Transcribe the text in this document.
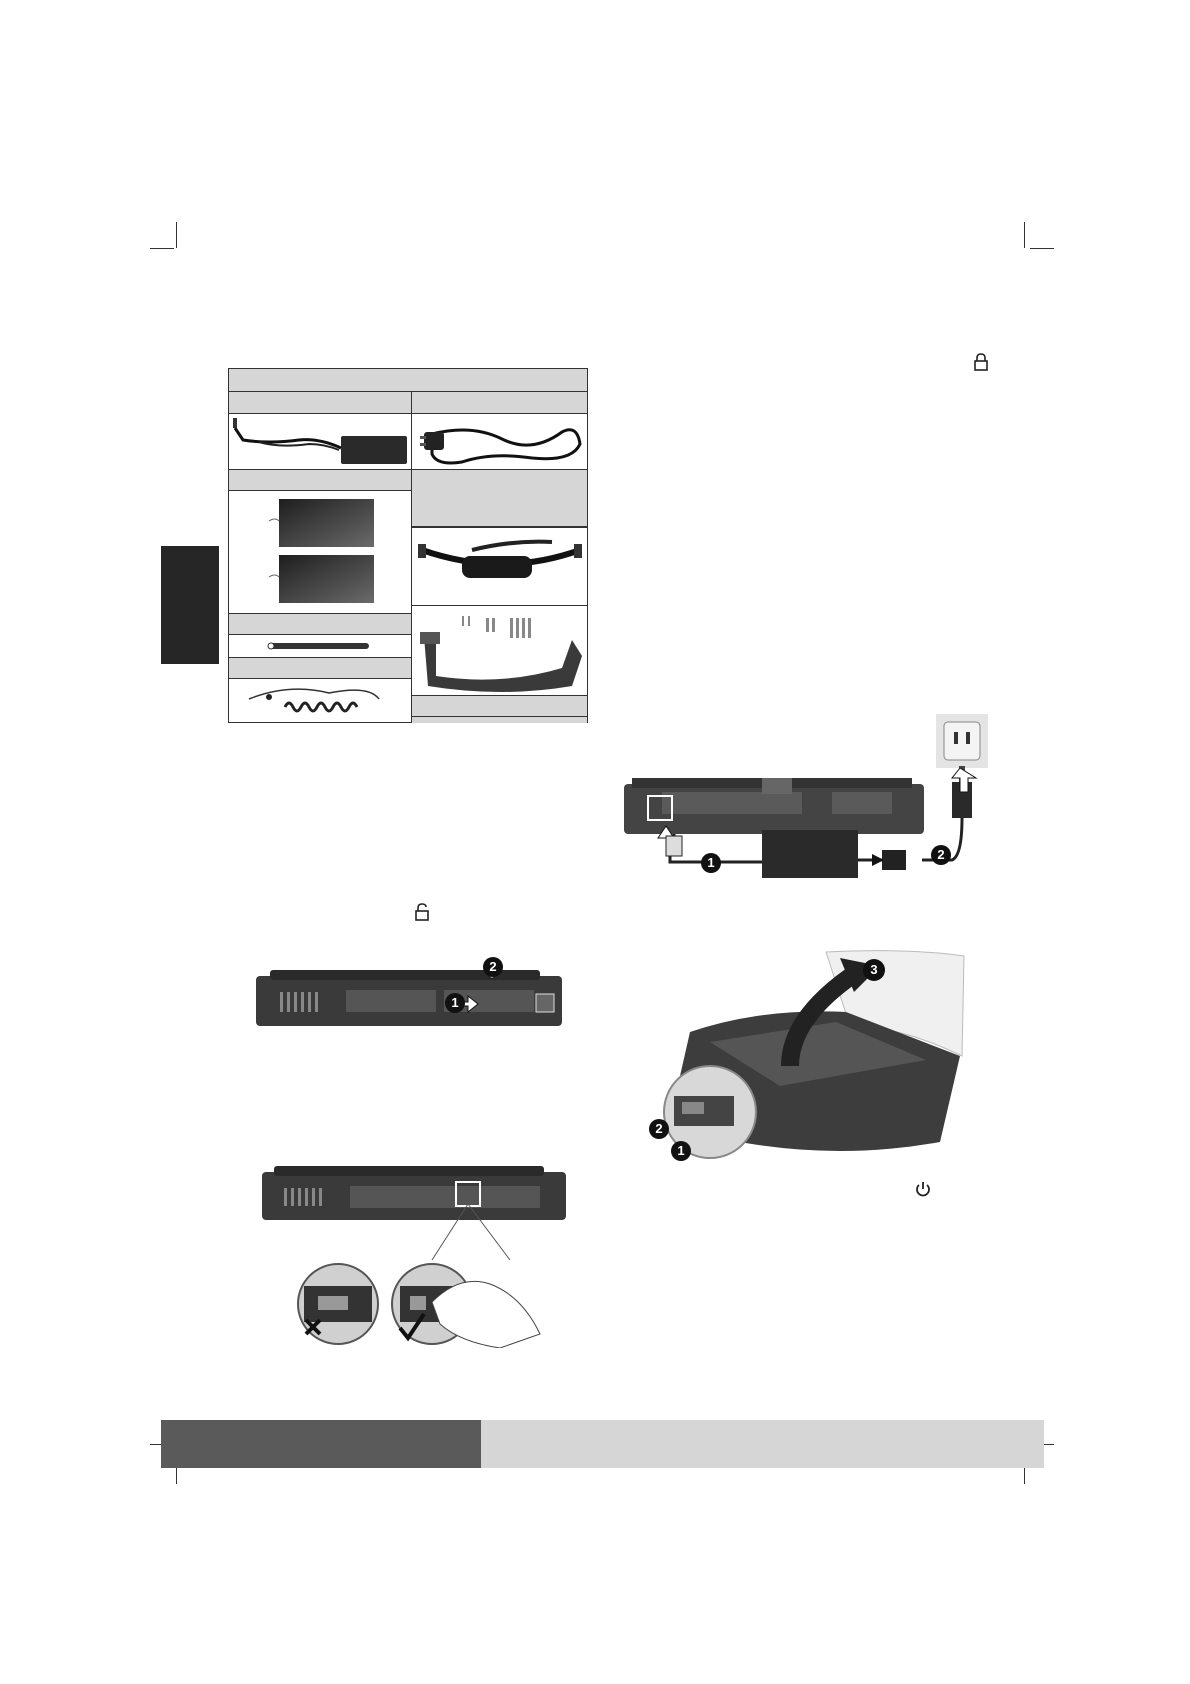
1
2
3
2
1
2
1
